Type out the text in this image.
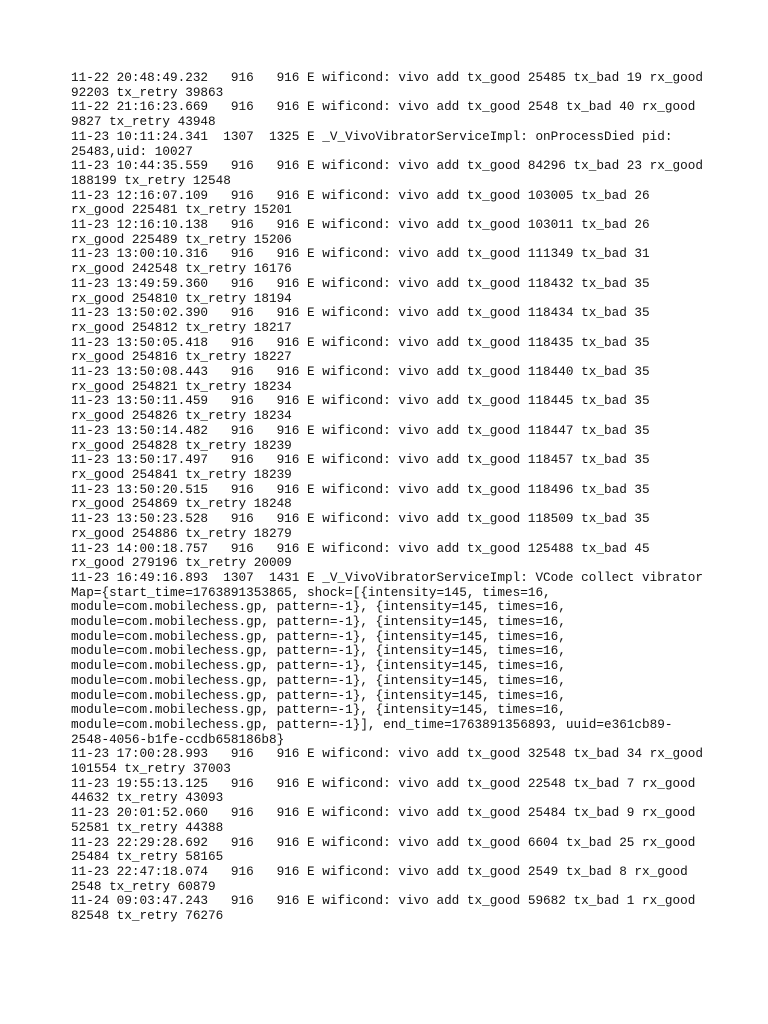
11-22 20:48:49.232   916   916 E wificond: vivo add tx_good 25485 tx_bad 19 rx_good
92203 tx_retry 39863
11-22 21:16:23.669   916   916 E wificond: vivo add tx_good 2548 tx_bad 40 rx_good
9827 tx_retry 43948
11-23 10:11:24.341  1307  1325 E _V_VivoVibratorServiceImpl: onProcessDied pid:
25483,uid: 10027
11-23 10:44:35.559   916   916 E wificond: vivo add tx_good 84296 tx_bad 23 rx_good
188199 tx_retry 12548
11-23 12:16:07.109   916   916 E wificond: vivo add tx_good 103005 tx_bad 26
rx_good 225481 tx_retry 15201
11-23 12:16:10.138   916   916 E wificond: vivo add tx_good 103011 tx_bad 26
rx_good 225489 tx_retry 15206
11-23 13:00:10.316   916   916 E wificond: vivo add tx_good 111349 tx_bad 31
rx_good 242548 tx_retry 16176
11-23 13:49:59.360   916   916 E wificond: vivo add tx_good 118432 tx_bad 35
rx_good 254810 tx_retry 18194
11-23 13:50:02.390   916   916 E wificond: vivo add tx_good 118434 tx_bad 35
rx_good 254812 tx_retry 18217
11-23 13:50:05.418   916   916 E wificond: vivo add tx_good 118435 tx_bad 35
rx_good 254816 tx_retry 18227
11-23 13:50:08.443   916   916 E wificond: vivo add tx_good 118440 tx_bad 35
rx_good 254821 tx_retry 18234
11-23 13:50:11.459   916   916 E wificond: vivo add tx_good 118445 tx_bad 35
rx_good 254826 tx_retry 18234
11-23 13:50:14.482   916   916 E wificond: vivo add tx_good 118447 tx_bad 35
rx_good 254828 tx_retry 18239
11-23 13:50:17.497   916   916 E wificond: vivo add tx_good 118457 tx_bad 35
rx_good 254841 tx_retry 18239
11-23 13:50:20.515   916   916 E wificond: vivo add tx_good 118496 tx_bad 35
rx_good 254869 tx_retry 18248
11-23 13:50:23.528   916   916 E wificond: vivo add tx_good 118509 tx_bad 35
rx_good 254886 tx_retry 18279
11-23 14:00:18.757   916   916 E wificond: vivo add tx_good 125488 tx_bad 45
rx_good 279196 tx_retry 20009
11-23 16:49:16.893  1307  1431 E _V_VivoVibratorServiceImpl: VCode collect vibrator
Map={start_time=1763891353865, shock=[{intensity=145, times=16,
module=com.mobilechess.gp, pattern=-1}, {intensity=145, times=16,
module=com.mobilechess.gp, pattern=-1}, {intensity=145, times=16,
module=com.mobilechess.gp, pattern=-1}, {intensity=145, times=16,
module=com.mobilechess.gp, pattern=-1}, {intensity=145, times=16,
module=com.mobilechess.gp, pattern=-1}, {intensity=145, times=16,
module=com.mobilechess.gp, pattern=-1}, {intensity=145, times=16,
module=com.mobilechess.gp, pattern=-1}, {intensity=145, times=16,
module=com.mobilechess.gp, pattern=-1}, {intensity=145, times=16,
module=com.mobilechess.gp, pattern=-1}], end_time=1763891356893, uuid=e361cb89-
2548-4056-b1fe-ccdb658186b8}
11-23 17:00:28.993   916   916 E wificond: vivo add tx_good 32548 tx_bad 34 rx_good
101554 tx_retry 37003
11-23 19:55:13.125   916   916 E wificond: vivo add tx_good 22548 tx_bad 7 rx_good
44632 tx_retry 43093
11-23 20:01:52.060   916   916 E wificond: vivo add tx_good 25484 tx_bad 9 rx_good
52581 tx_retry 44388
11-23 22:29:28.692   916   916 E wificond: vivo add tx_good 6604 tx_bad 25 rx_good
25484 tx_retry 58165
11-23 22:47:18.074   916   916 E wificond: vivo add tx_good 2549 tx_bad 8 rx_good
2548 tx_retry 60879
11-24 09:03:47.243   916   916 E wificond: vivo add tx_good 59682 tx_bad 1 rx_good
82548 tx_retry 76276
